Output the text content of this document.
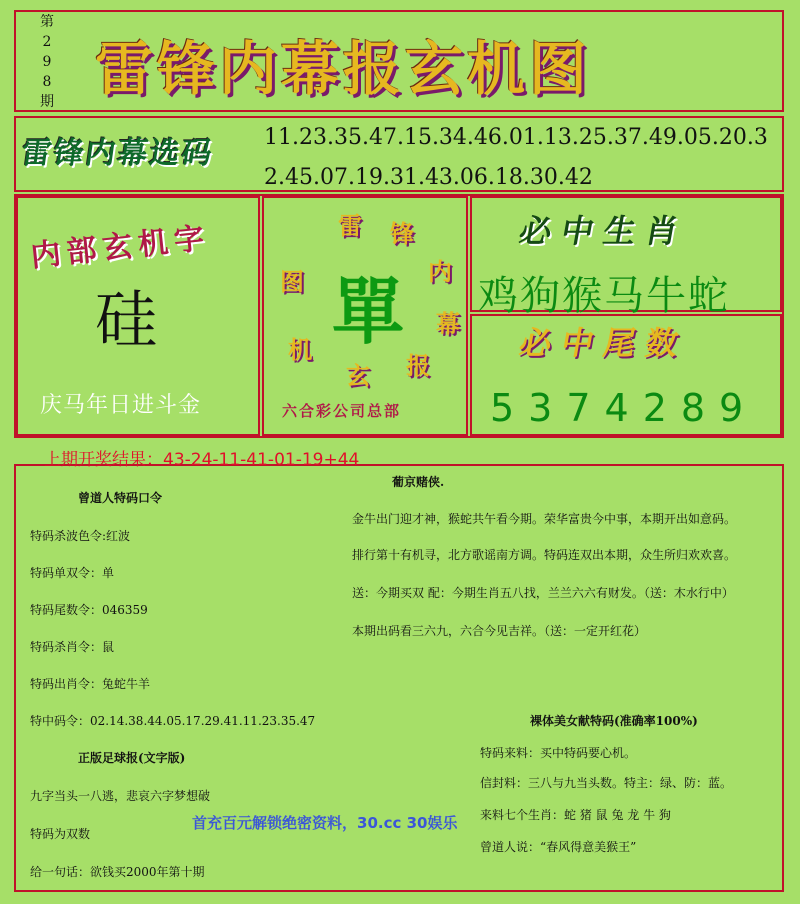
第
2
9
8
期 雷锋内幕报玄机图
雷锋内幕选码 11.23.35.47.15.34.46.01.13.25.37.49.05.20.32.45.07.19.31.43.06.18.30.42
内部玄机字
硅
庆马年日进斗金
雷 锋
内
幕
报
玄
机
图 單
六合彩公司总部
必中生肖
鸡狗猴马牛蛇
必中尾数
5374289
上期开奖结果：43-24-11-41-01-19+44
曾道人特码口令
特码杀波色令:红波
特码单双令：单
特码尾数令：046359
特码杀肖令：鼠
特码出肖令：兔蛇牛羊
特中码令：02.14.38.44.05.17.29.41.11.23.35.47
正版足球报(文字版)
九字当头一八逃，悲哀六字梦想破
特码为双数
给一句话：欲钱买2000年第十期
葡京赌侠.
金牛出门迎才神，猴蛇共午看今期。荣华富贵今中事，本期开出如意码。
排行第十有机寻，北方歌谣南方调。特码连双出本期，众生所归欢欢喜。
送：今期买双 配：今期生肖五八找，兰兰六六有财发。（送：木水行中）
本期出码看三六九，六合今见吉祥。（送：一定开红花）
裸体美女献特码(准确率100%)
特码来料：买中特码要心机。
信封料：三八与九当头数。特主：绿、防：蓝。
来料七个生肖：蛇 猪 鼠 兔 龙 牛 狗
曾道人说：“春风得意美猴王”
首充百元解锁绝密资料，30.cc 30娱乐
